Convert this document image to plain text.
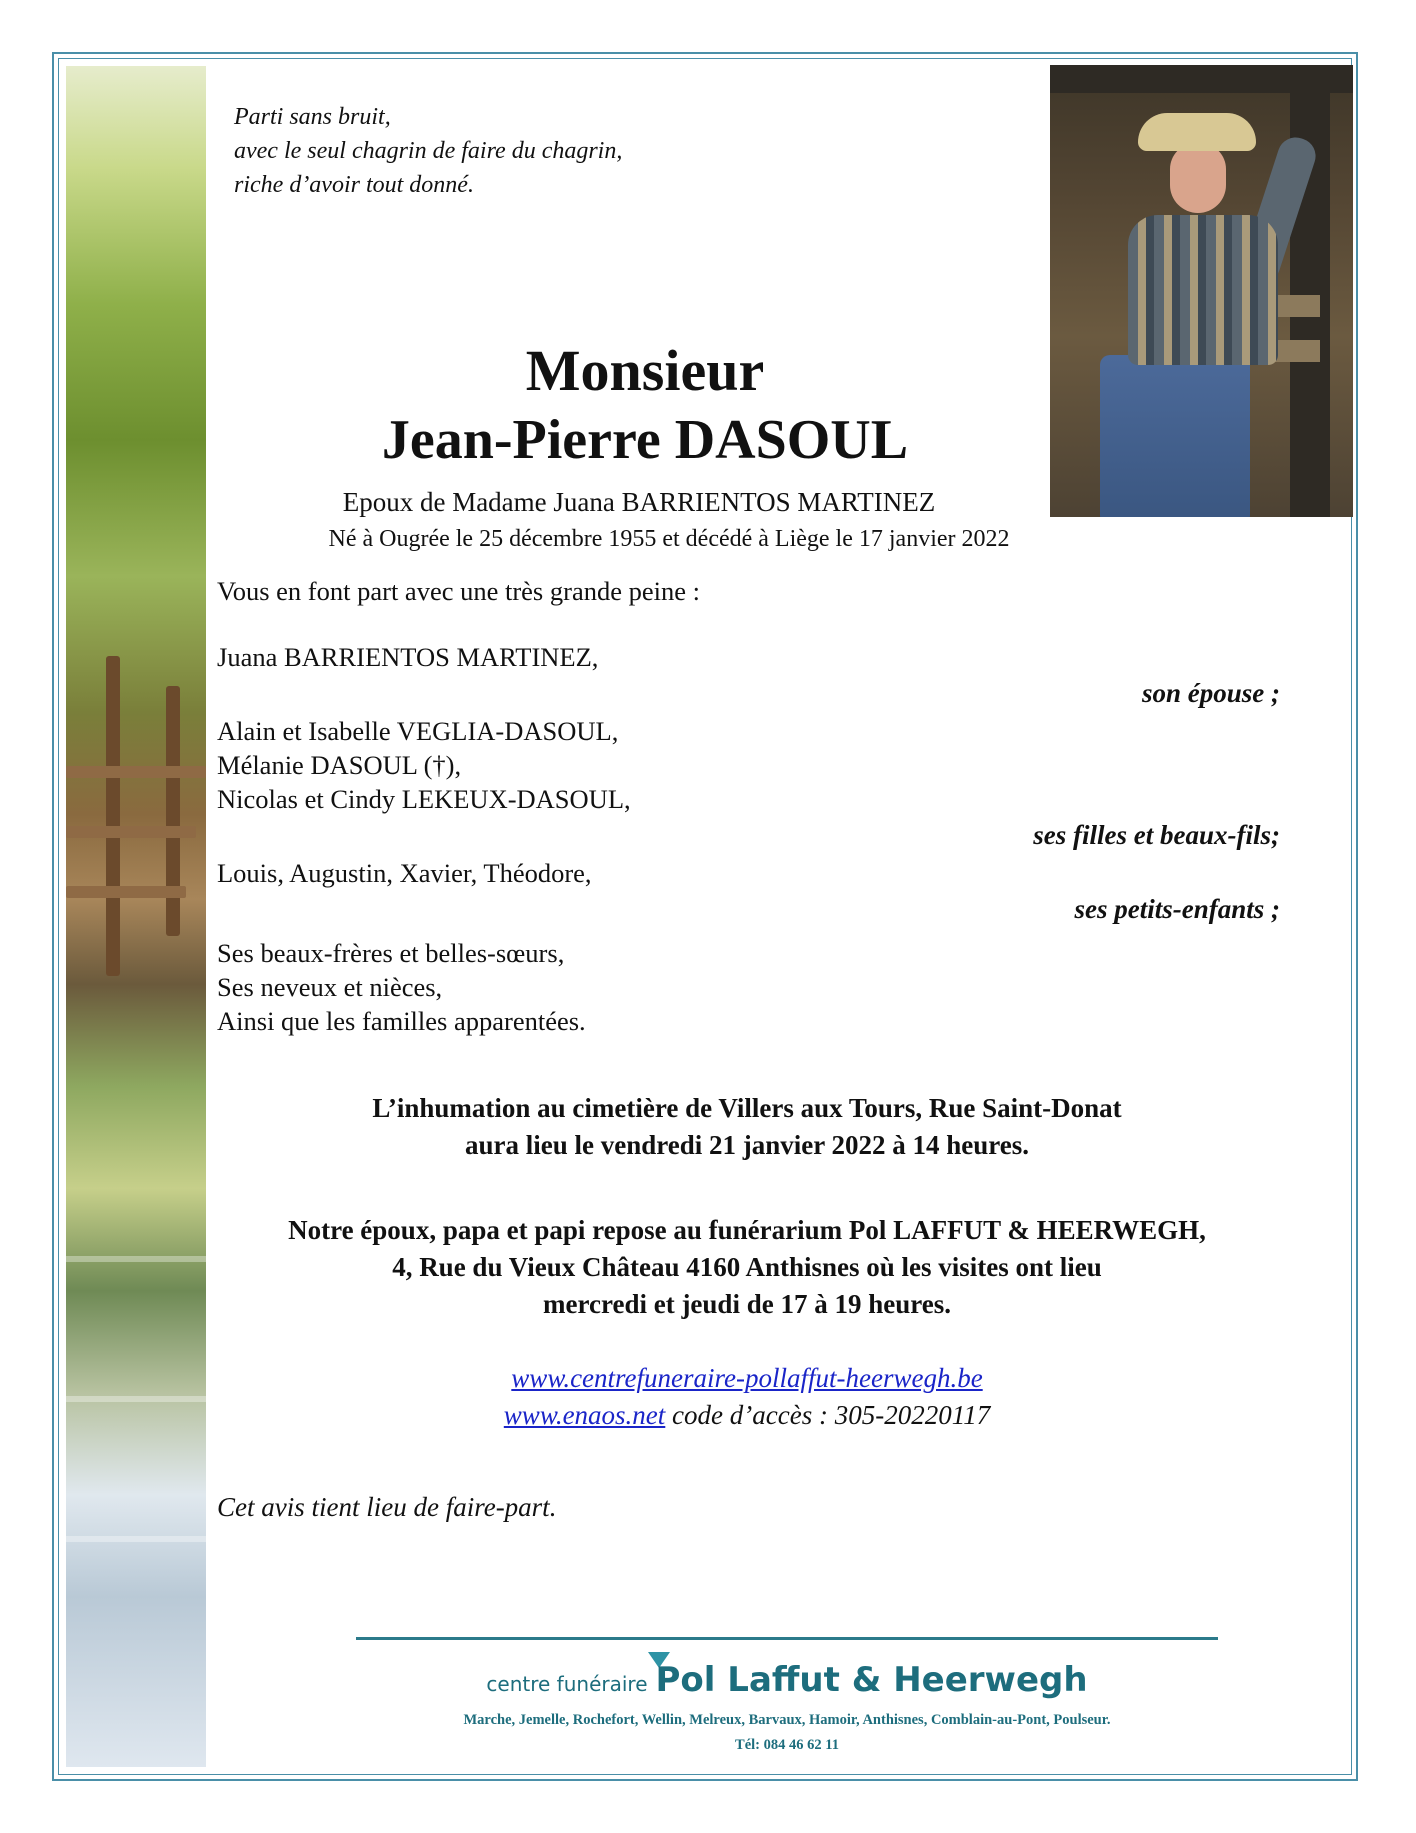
Parti sans bruit,
avec le seul chagrin de faire du chagrin,
riche d’avoir tout donné.
Monsieur
Jean-Pierre DASOUL
Epoux de Madame Juana BARRIENTOS MARTINEZ
Né à Ougrée le 25 décembre 1955 et décédé à Liège le 17 janvier 2022
Vous en font part avec une très grande peine :
Juana BARRIENTOS MARTINEZ,
son épouse ;
Alain et Isabelle VEGLIA-DASOUL,
Mélanie DASOUL (†),
Nicolas et Cindy LEKEUX-DASOUL,
ses filles et beaux-fils;
Louis, Augustin, Xavier, Théodore,
ses petits-enfants ;
Ses beaux-frères et belles-sœurs,
Ses neveux et nièces,
Ainsi que les familles apparentées.
L’inhumation au cimetière de Villers aux Tours, Rue Saint-Donat
aura lieu le vendredi 21 janvier 2022 à 14 heures.
Notre époux, papa et papi repose au funérarium Pol LAFFUT & HEERWEGH,
4, Rue du Vieux Château 4160 Anthisnes où les visites ont lieu
mercredi et jeudi de 17 à 19 heures.
www.centrefuneraire-pollaffut-heerwegh.be
www.enaos.net code d’accès : 305-20220117
Cet avis tient lieu de faire-part.
centre funéraire Pol Laffut & Heerwegh
Marche, Jemelle, Rochefort, Wellin, Melreux, Barvaux, Hamoir, Anthisnes, Comblain-au-Pont, Poulseur.
Tél: 084 46 62 11
